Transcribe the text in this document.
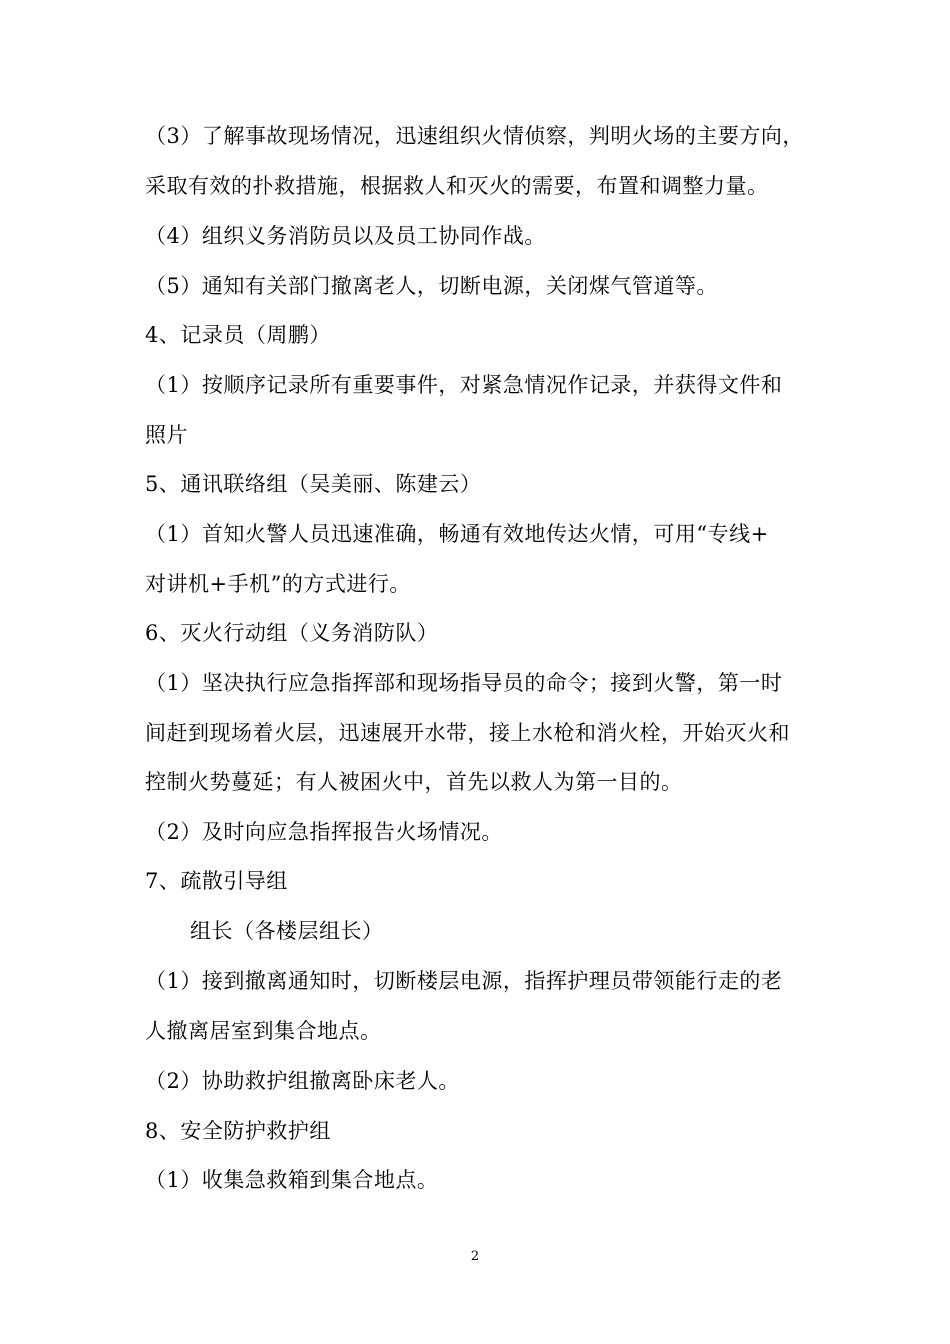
（3）了解事故现场情况，迅速组织火情侦察，判明火场的主要方向，
采取有效的扑救措施，根据救人和灭火的需要，布置和调整力量。
（4）组织义务消防员以及员工协同作战。
（5）通知有关部门撤离老人，切断电源，关闭煤气管道等。
4、记录员（周鹏）
（1）按顺序记录所有重要事件，对紧急情况作记录，并获得文件和
照片
5、通讯联络组（吴美丽、陈建云）
（1）首知火警人员迅速准确，畅通有效地传达火情，可用“专线+
对讲机+手机”的方式进行。
6、灭火行动组（义务消防队）
（1）坚决执行应急指挥部和现场指导员的命令；接到火警，第一时
间赶到现场着火层，迅速展开水带，接上水枪和消火栓，开始灭火和
控制火势蔓延；有人被困火中，首先以救人为第一目的。
（2）及时向应急指挥报告火场情况。
7、疏散引导组
组长（各楼层组长）
（1）接到撤离通知时，切断楼层电源，指挥护理员带领能行走的老
人撤离居室到集合地点。
（2）协助救护组撤离卧床老人。
8、安全防护救护组
（1）收集急救箱到集合地点。
2
